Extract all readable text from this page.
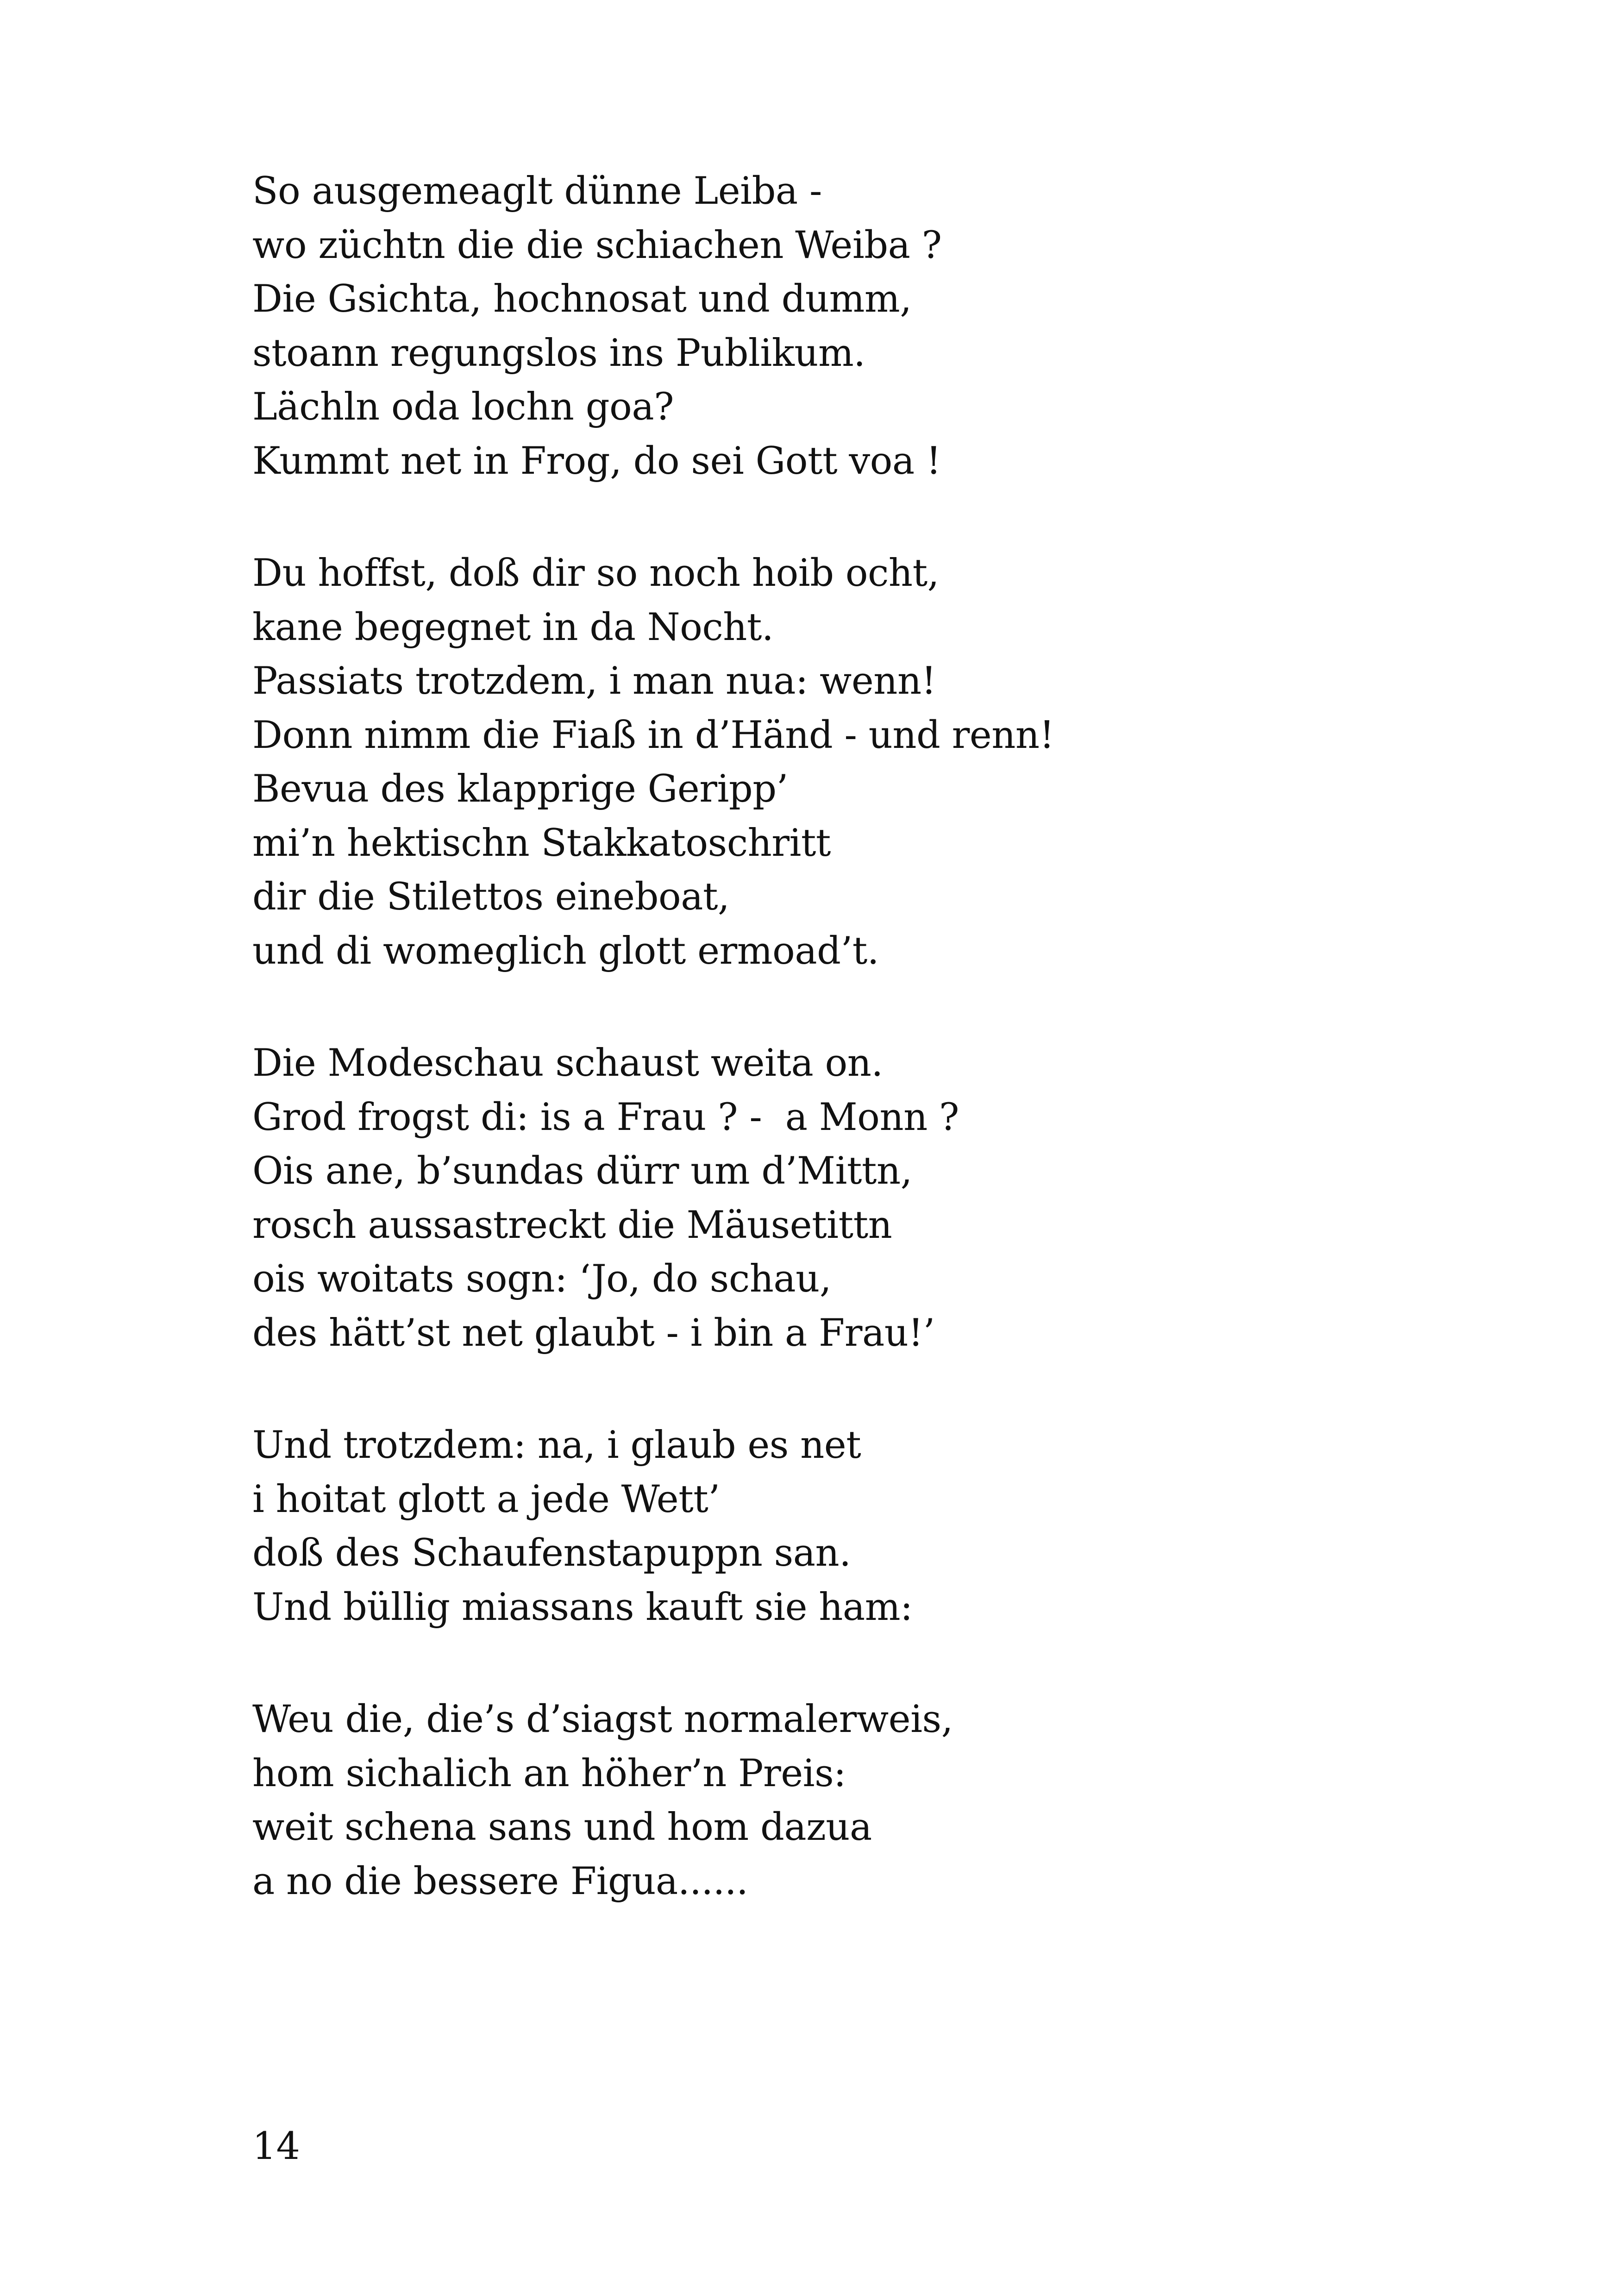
So ausgemeaglt dünne Leiba -
wo züchtn die die schiachen Weiba ?
Die Gsichta, hochnosat und dumm,
stoann regungslos ins Publikum.
Lächln oda lochn goa?
Kummt net in Frog, do sei Gott voa !
Du hoffst, doß dir so noch hoib ocht,
kane begegnet in da Nocht.
Passiats trotzdem, i man nua: wenn!
Donn nimm die Fiaß in d’Händ - und renn!
Bevua des klapprige Geripp’
mi’n hektischn Stakkatoschritt
dir die Stilettos eineboat,
und di womeglich glott ermoad’t.
Die Modeschau schaust weita on.
Grod frogst di: is a Frau ? -  a Monn ?
Ois ane, b’sundas dürr um d’Mittn,
rosch aussastreckt die Mäusetittn
ois woitats sogn: ‘Jo, do schau,
des hätt’st net glaubt - i bin a Frau!’
Und trotzdem: na, i glaub es net
i hoitat glott a jede Wett’
doß des Schaufenstapuppn san.
Und büllig miassans kauft sie ham:
Weu die, die’s d’siagst normalerweis,
hom sichalich an höher’n Preis:
weit schena sans und hom dazua
a no die bessere Figua......
14
